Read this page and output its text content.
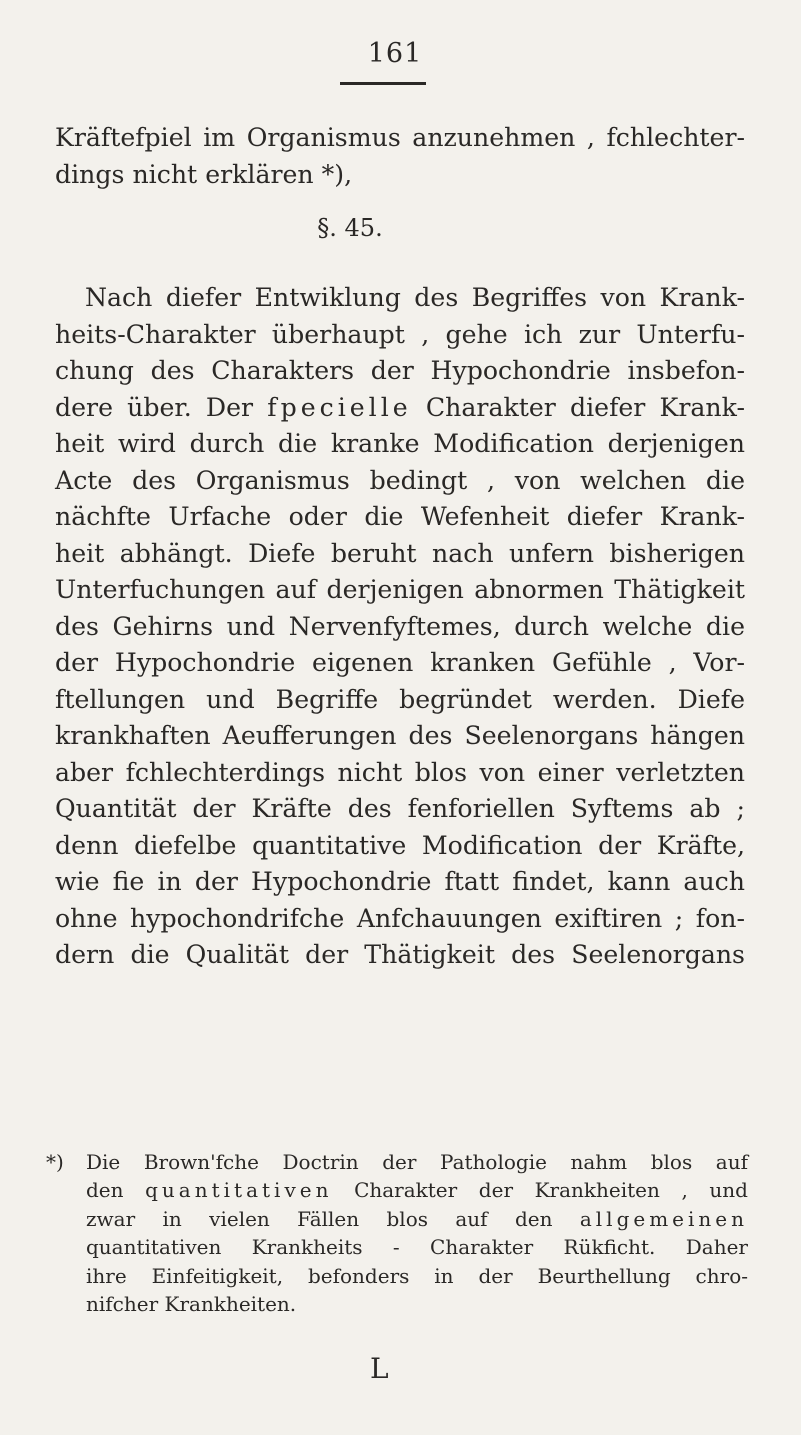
161
Kräftefpiel im Organismus anzunehmen , fchlechter-
dings nicht erklären *),
§. 45.
Nach diefer Entwiklung des Begriffes von Krank-
heits-Charakter überhaupt , gehe ich zur Unterfu-
chung des Charakters der Hypochondrie insbefon-
dere über. Der fpecielle Charakter diefer Krank-
heit wird durch die kranke Modification derjenigen
Acte des Organismus bedingt , von welchen die
nächfte Urfache oder die Wefenheit diefer Krank-
heit abhängt. Diefe beruht nach unfern bisherigen
Unterfuchungen auf derjenigen abnormen Thätigkeit
des Gehirns und Nervenfyftemes, durch welche die
der Hypochondrie eigenen kranken Gefühle , Vor-
ftellungen und Begriffe begründet werden. Diefe
krankhaften Aeufferungen des Seelenorgans hängen
aber fchlechterdings nicht blos von einer verletzten
Quantität der Kräfte des fenforiellen Syftems ab ;
denn diefelbe quantitative Modification der Kräfte,
wie fie in der Hypochondrie ftatt findet, kann auch
ohne hypochondrifche Anfchauungen exiftiren ; fon-
dern die Qualität der Thätigkeit des Seelenorgans
*)	Die Brown'fche Doctrin der Pathologie nahm blos auf
den quantitativen Charakter der Krankheiten , und
zwar in vielen Fällen blos auf den allgemeinen
quantitativen Krankheits - Charakter Rükficht. Daher
ihre Einfeitigkeit, befonders in der Beurthellung chro-
nifcher Krankheiten.
L
